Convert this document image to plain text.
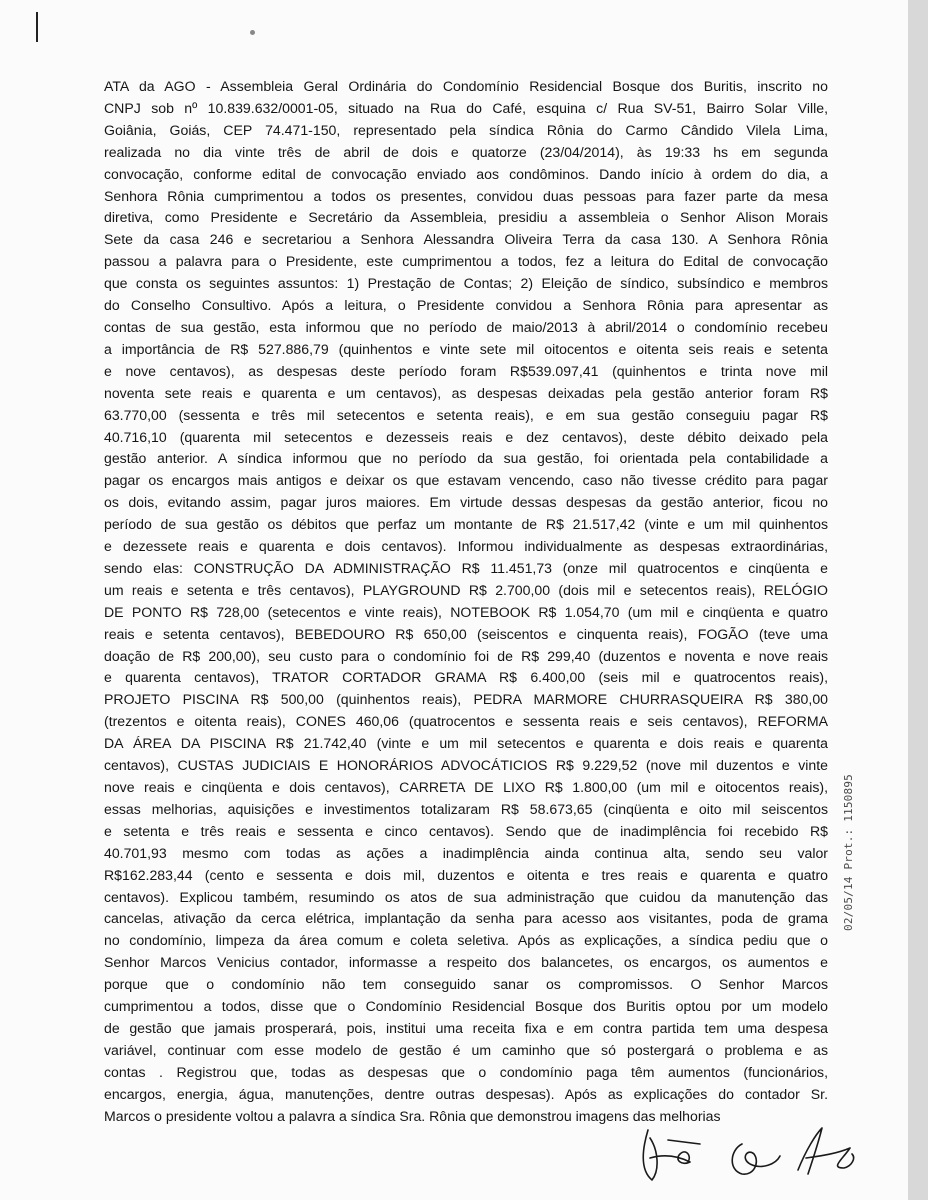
ATA da AGO - Assembleia Geral Ordinária do Condomínio Residencial Bosque dos Buritis, inscrito no
CNPJ sob nº 10.839.632/0001-05, situado na Rua do Café, esquina c/ Rua SV-51, Bairro Solar Ville,
Goiânia, Goiás, CEP 74.471-150, representado pela síndica Rônia do Carmo Cândido Vilela Lima,
realizada no dia vinte três de abril de dois e quatorze (23/04/2014), às 19:33 hs em segunda
convocação, conforme edital de convocação enviado aos condôminos. Dando início à ordem do dia, a
Senhora Rônia cumprimentou a todos os presentes, convidou duas pessoas para fazer parte da mesa
diretiva, como Presidente e Secretário da Assembleia, presidiu a assembleia o Senhor Alison Morais
Sete da casa 246 e secretariou a Senhora Alessandra Oliveira Terra da casa 130. A Senhora Rônia
passou a palavra para o Presidente, este cumprimentou a todos, fez a leitura do Edital de convocação
que consta os seguintes assuntos: 1) Prestação de Contas; 2) Eleição de síndico, subsíndico e membros
do Conselho Consultivo. Após a leitura, o Presidente convidou a Senhora Rônia para apresentar as
contas de sua gestão, esta informou que no período de maio/2013 à abril/2014 o condomínio recebeu
a importância de R$ 527.886,79 (quinhentos e vinte sete mil oitocentos e oitenta seis reais e setenta
e nove centavos), as despesas deste período foram R$539.097,41 (quinhentos e trinta nove mil
noventa sete reais e quarenta e um centavos), as despesas deixadas pela gestão anterior foram R$
63.770,00 (sessenta e três mil setecentos e setenta reais), e em sua gestão conseguiu pagar R$
40.716,10 (quarenta mil setecentos e dezesseis reais e dez centavos), deste débito deixado pela
gestão anterior. A síndica informou que no período da sua gestão, foi orientada pela contabilidade a
pagar os encargos mais antigos e deixar os que estavam vencendo, caso não tivesse crédito para pagar
os dois, evitando assim, pagar juros maiores. Em virtude dessas despesas da gestão anterior, ficou no
período de sua gestão os débitos que perfaz um montante de R$ 21.517,42 (vinte e um mil quinhentos
e dezessete reais e quarenta e dois centavos). Informou individualmente as despesas extraordinárias,
sendo elas: CONSTRUÇÃO DA ADMINISTRAÇÃO R$ 11.451,73 (onze mil quatrocentos e cinqüenta e
um reais e setenta e três centavos), PLAYGROUND R$ 2.700,00 (dois mil e setecentos reais), RELÓGIO
DE PONTO R$ 728,00 (setecentos e vinte reais), NOTEBOOK R$ 1.054,70 (um mil e cinqüenta e quatro
reais e setenta centavos), BEBEDOURO R$ 650,00 (seiscentos e cinquenta reais), FOGÃO (teve uma
doação de R$ 200,00), seu custo para o condomínio foi de R$ 299,40 (duzentos e noventa e nove reais
e quarenta centavos), TRATOR CORTADOR GRAMA R$ 6.400,00 (seis mil e quatrocentos reais),
PROJETO PISCINA R$ 500,00 (quinhentos reais), PEDRA MARMORE CHURRASQUEIRA R$ 380,00
(trezentos e oitenta reais), CONES 460,06 (quatrocentos e sessenta reais e seis centavos), REFORMA
DA ÁREA DA PISCINA R$ 21.742,40 (vinte e um mil setecentos e quarenta e dois reais e quarenta
centavos), CUSTAS JUDICIAIS E HONORÁRIOS ADVOCÁTICIOS R$ 9.229,52 (nove mil duzentos e vinte
nove reais e cinqüenta e dois centavos), CARRETA DE LIXO R$ 1.800,00 (um mil e oitocentos reais),
essas melhorias, aquisições e investimentos totalizaram R$ 58.673,65 (cinqüenta e oito mil seiscentos
e setenta e três reais e sessenta e cinco centavos). Sendo que de inadimplência foi recebido R$
40.701,93 mesmo com todas as ações a inadimplência ainda continua alta, sendo seu valor
R$162.283,44 (cento e sessenta e dois mil, duzentos e oitenta e tres reais e quarenta e quatro
centavos). Explicou também, resumindo os atos de sua administração que cuidou da manutenção das
cancelas, ativação da cerca elétrica, implantação da senha para acesso aos visitantes, poda de grama
no condomínio, limpeza da área comum e coleta seletiva. Após as explicações, a síndica pediu que o
Senhor Marcos Venicius contador, informasse a respeito dos balancetes, os encargos, os aumentos e
porque que o condomínio não tem conseguido sanar os compromissos. O Senhor Marcos
cumprimentou a todos, disse que o Condomínio Residencial Bosque dos Buritis optou por um modelo
de gestão que jamais prosperará, pois, institui uma receita fixa e em contra partida tem uma despesa
variável, continuar com esse modelo de gestão é um caminho que só postergará o problema e as
contas . Registrou que, todas as despesas que o condomínio paga têm aumentos (funcionários,
encargos, energia, água, manutenções, dentre outras despesas). Após as explicações do contador Sr.
Marcos o presidente voltou a palavra a síndica Sra. Rônia que demonstrou imagens das melhorias
02/05/14 Prot.: 1150895
